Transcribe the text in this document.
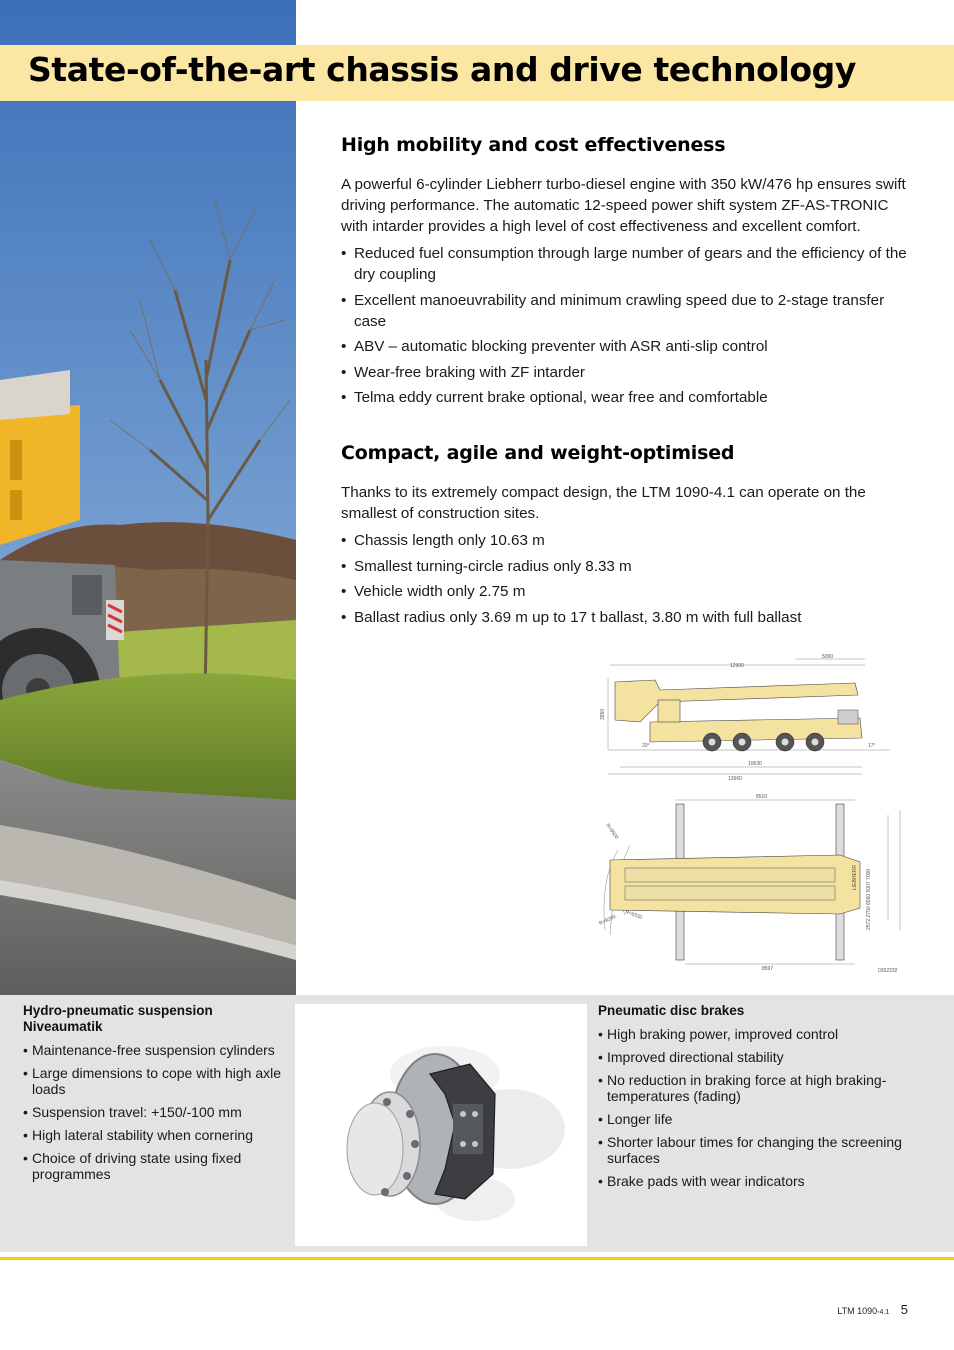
State-of-the-art chassis and drive technology
High mobility and cost effectiveness

A powerful 6-cylinder Liebherr turbo-diesel engine with 350 kW/476 hp ensures swift driving performance. The automatic 12-speed power shift system ZF-AS-TRONIC with intarder provides a high level of cost effectiveness and excellent comfort.

• Reduced fuel consumption through large number of gears and the efficiency of the dry coupling
• Excellent manoeuvrability and minimum crawling speed due to 2-stage transfer case
• ABV – automatic blocking preventer with ASR anti-slip control
• Wear-free braking with ZF intarder
• Telma eddy current brake optional, wear free and comfortable
Compact, agile and weight-optimised

Thanks to its extremely compact design, the LTM 1090-4.1 can operate on the smallest of construction sites.

• Chassis length only 10.63 m
• Smallest turning-circle radius only 8.33 m
• Vehicle width only 2.75 m
• Ballast radius only 3.69 m up to 17 t ballast, 3.80 m with full ballast
12900
5090
3950
20°	17°
10630
12660
8510
8597
R=9500
R=8330
R=9200	2572 2750 6560 5007 7000
LIEBHERR
0262232
Hydro-pneumatic suspension Niveaumatik
• Maintenance-free suspension cylinders
• Large dimensions to cope with high axle loads
• Suspension travel: +150/-100 mm
• High lateral stability when cornering
• Choice of driving state using fixed programmes
Pneumatic disc brakes
• High braking power, improved control
• Improved directional stability
• No reduction in braking force at high braking-temperatures (fading)
• Longer life
• Shorter labour times for changing the screening surfaces
• Brake pads with wear indicators
LTM 1090-4.1 5
